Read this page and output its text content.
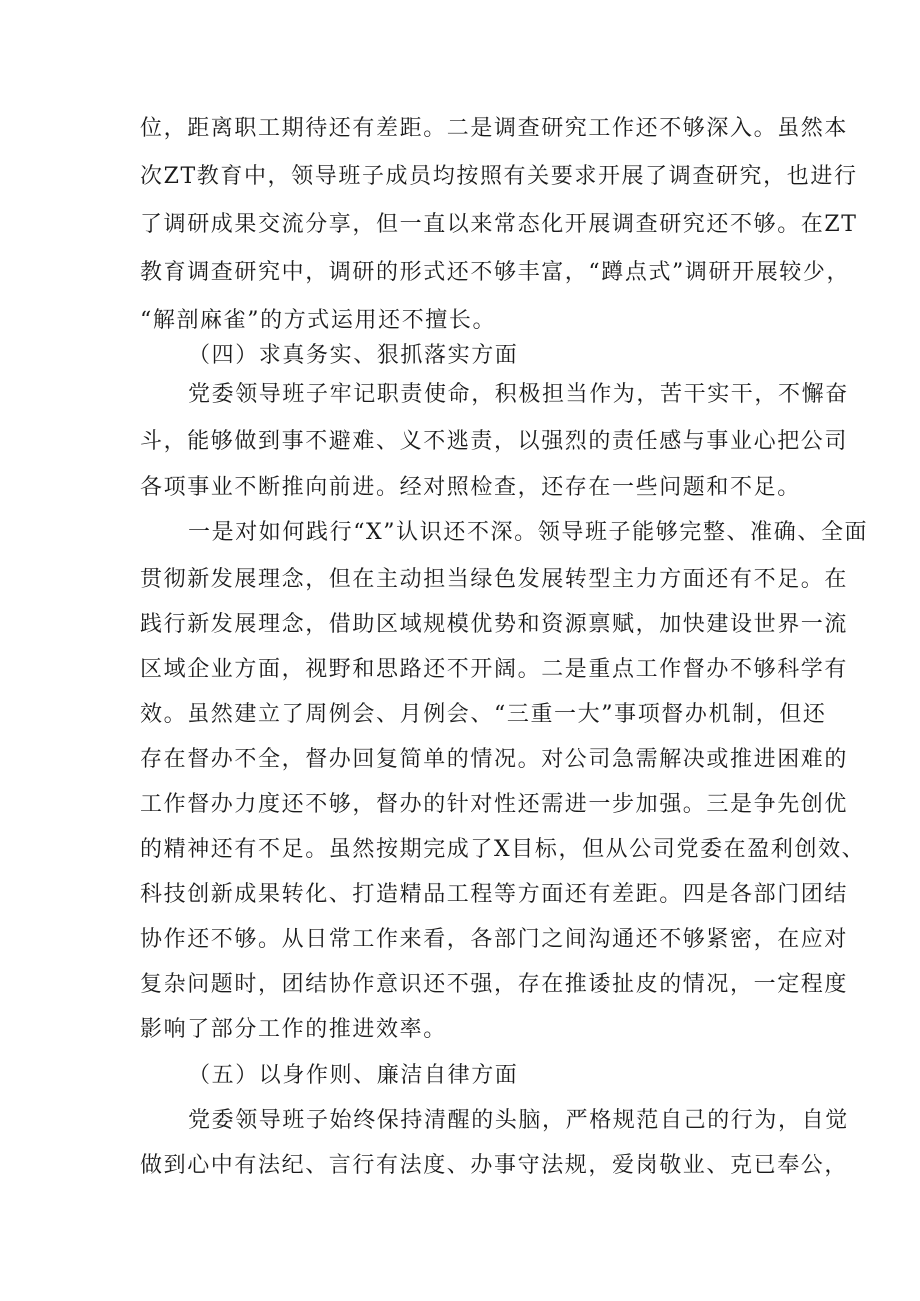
位，距离职工期待还有差距。二是调查研究工作还不够深入。虽然本
次ZT教育中，领导班子成员均按照有关要求开展了调查研究，也进行
了调研成果交流分享，但一直以来常态化开展调查研究还不够。在ZT
教育调查研究中，调研的形式还不够丰富，“蹲点式”调研开展较少，
“解剖麻雀”的方式运用还不擅长。
（四）求真务实、狠抓落实方面
党委领导班子牢记职责使命，积极担当作为，苦干实干，不懈奋
斗，能够做到事不避难、义不逃责，以强烈的责任感与事业心把公司
各项事业不断推向前进。经对照检查，还存在一些问题和不足。
一是对如何践行“X”认识还不深。领导班子能够完整、准确、全面
贯彻新发展理念，但在主动担当绿色发展转型主力方面还有不足。在
践行新发展理念，借助区域规模优势和资源禀赋，加快建设世界一流
区域企业方面，视野和思路还不开阔。二是重点工作督办不够科学有
效。虽然建立了周例会、月例会、“三重一大”事项督办机制，但还
存在督办不全，督办回复简单的情况。对公司急需解决或推进困难的
工作督办力度还不够，督办的针对性还需进一步加强。三是争先创优
的精神还有不足。虽然按期完成了X目标，但从公司党委在盈利创效、
科技创新成果转化、打造精品工程等方面还有差距。四是各部门团结
协作还不够。从日常工作来看，各部门之间沟通还不够紧密，在应对
复杂问题时，团结协作意识还不强，存在推诿扯皮的情况，一定程度
影响了部分工作的推进效率。
（五）以身作则、廉洁自律方面
党委领导班子始终保持清醒的头脑，严格规范自己的行为，自觉
做到心中有法纪、言行有法度、办事守法规，爱岗敬业、克已奉公，
